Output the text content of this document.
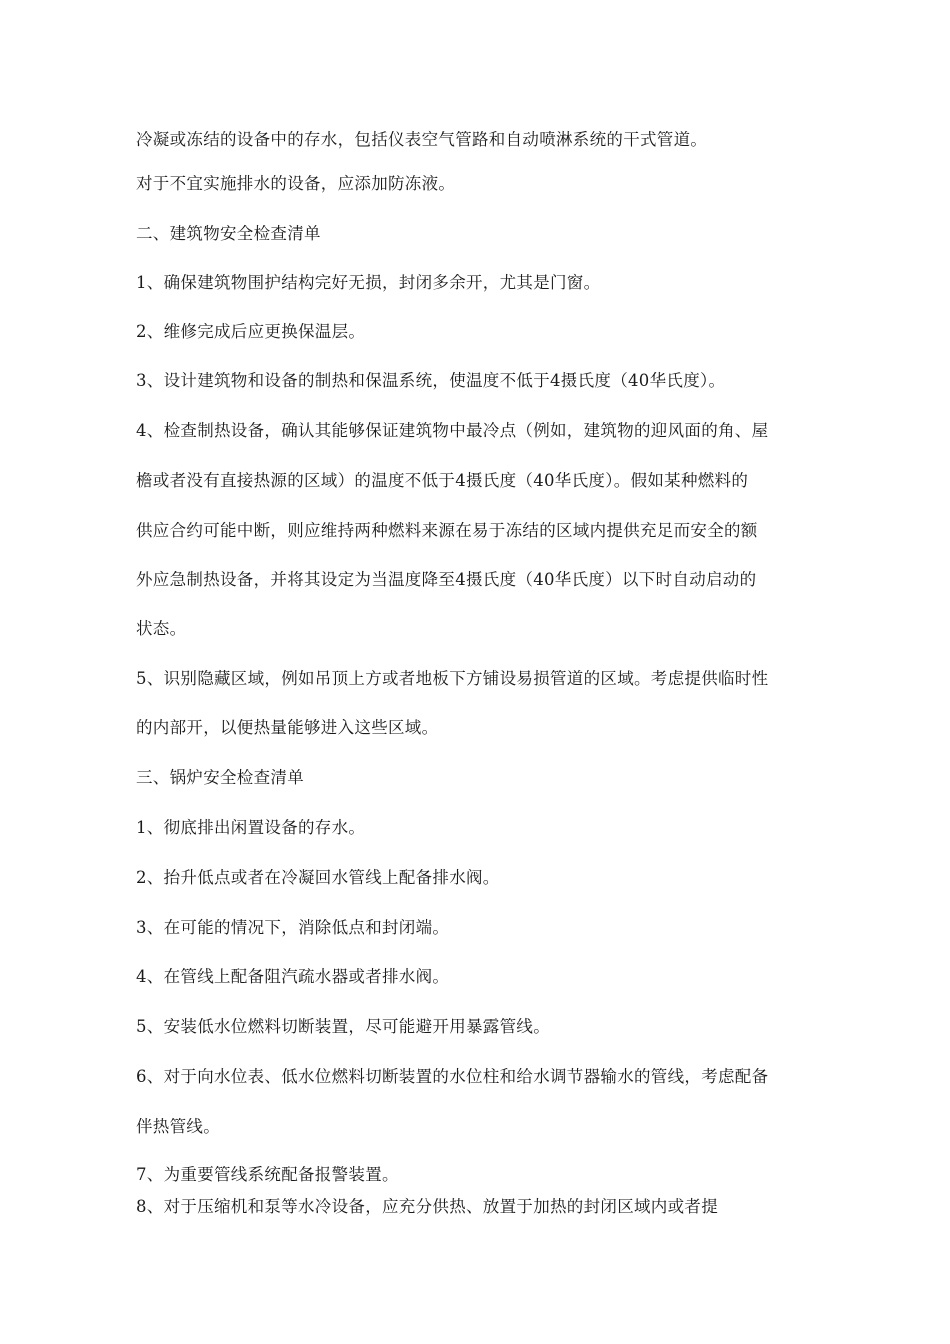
冷凝或冻结的设备中的存水，包括仪表空气管路和自动喷淋系统的干式管道。
对于不宜实施排水的设备，应添加防冻液。
二、建筑物安全检查清单
1、确保建筑物围护结构完好无损，封闭多余开，尤其是门窗。
2、维修完成后应更换保温层。
3、设计建筑物和设备的制热和保温系统，使温度不低于4摄氏度（40华氏度）。
4、检查制热设备，确认其能够保证建筑物中最冷点（例如，建筑物的迎风面的角、屋
檐或者没有直接热源的区域）的温度不低于4摄氏度（40华氏度）。假如某种燃料的
供应合约可能中断，则应维持两种燃料来源在易于冻结的区域内提供充足而安全的额
外应急制热设备，并将其设定为当温度降至4摄氏度（40华氏度）以下时自动启动的
状态。
5、识别隐藏区域，例如吊顶上方或者地板下方铺设易损管道的区域。考虑提供临时性
的内部开，以便热量能够进入这些区域。
三、锅炉安全检查清单
1、彻底排出闲置设备的存水。
2、抬升低点或者在冷凝回水管线上配备排水阀。
3、在可能的情况下，消除低点和封闭端。
4、在管线上配备阻汽疏水器或者排水阀。
5、安装低水位燃料切断装置，尽可能避开用暴露管线。
6、对于向水位表、低水位燃料切断装置的水位柱和给水调节器输水的管线，考虑配备
伴热管线。
7、为重要管线系统配备报警装置。
8、对于压缩机和泵等水冷设备，应充分供热、放置于加热的封闭区域内或者提
